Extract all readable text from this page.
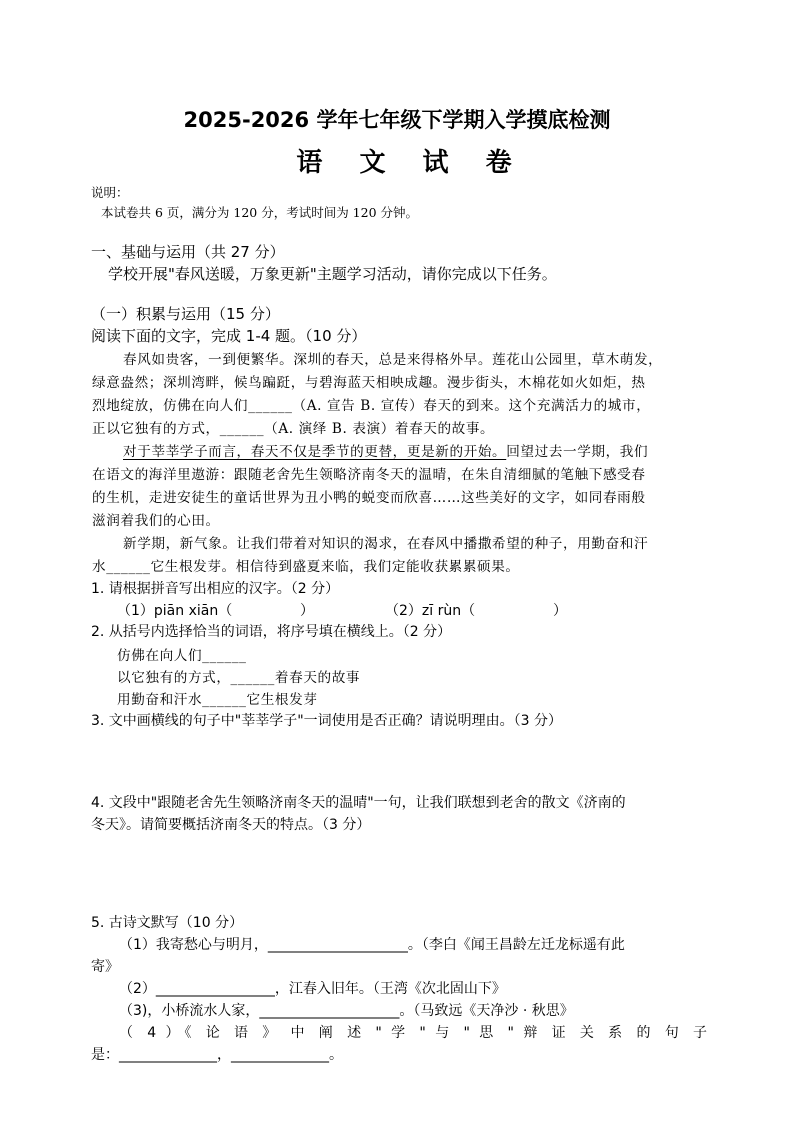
2025-2026 学年七年级下学期入学摸底检测
语 文 试 卷
说明：
本试卷共 6 页，满分为 120 分，考试时间为 120 分钟。
一、基础与运用（共 27 分）
学校开展"春风送暖，万象更新"主题学习活动，请你完成以下任务。
（一）积累与运用（15 分）
阅读下面的文字，完成 1-4 题。（10 分）
春风如贵客，一到便繁华。深圳的春天，总是来得格外早。莲花山公园里，草木萌发，
绿意盎然；深圳湾畔，候鸟蹁跹，与碧海蓝天相映成趣。漫步街头，木棉花如火如炬，热
烈地绽放，仿佛在向人们______（A. 宣告 B. 宣传）春天的到来。这个充满活力的城市，
正以它独有的方式，______（A. 演绎 B. 表演）着春天的故事。
对于莘莘学子而言，春天不仅是季节的更替，更是新的开始。回望过去一学期，我们
在语文的海洋里遨游：跟随老舍先生领略济南冬天的温晴，在朱自清细腻的笔触下感受春
的生机，走进安徒生的童话世界为丑小鸭的蜕变而欣喜……这些美好的文字，如同春雨般
滋润着我们的心田。
新学期，新气象。让我们带着对知识的渴求，在春风中播撒希望的种子，用勤奋和汗
水______它生根发芽。相信待到盛夏来临，我们定能收获累累硕果。
1. 请根据拼音写出相应的汉字。（2 分）
（1）piān xiān（	）	（2）zī rùn（	）
2. 从括号内选择恰当的词语，将序号填在横线上。（2 分）
仿佛在向人们______
以它独有的方式，______着春天的故事
用勤奋和汗水______它生根发芽
3. 文中画横线的句子中"莘莘学子"一词使用是否正确？请说明理由。（3 分）
4. 文段中"跟随老舍先生领略济南冬天的温晴"一句，让我们联想到老舍的散文《济南的
冬天》。请简要概括济南冬天的特点。（3 分）
5. 古诗文默写（10 分）
（1）我寄愁心与明月，____________________。（李白《闻王昌龄左迁龙标遥有此
寄》
（2）_________________，江春入旧年。（王湾《次北固山下》
（3)，小桥流水人家，____________________。（马致远《天净沙 · 秋思》
（ 4 ）《 论 语 》 中 阐 述 " 学 " 与 " 思 " 辩 证 关 系 的 句 子
是：______________，______________。
